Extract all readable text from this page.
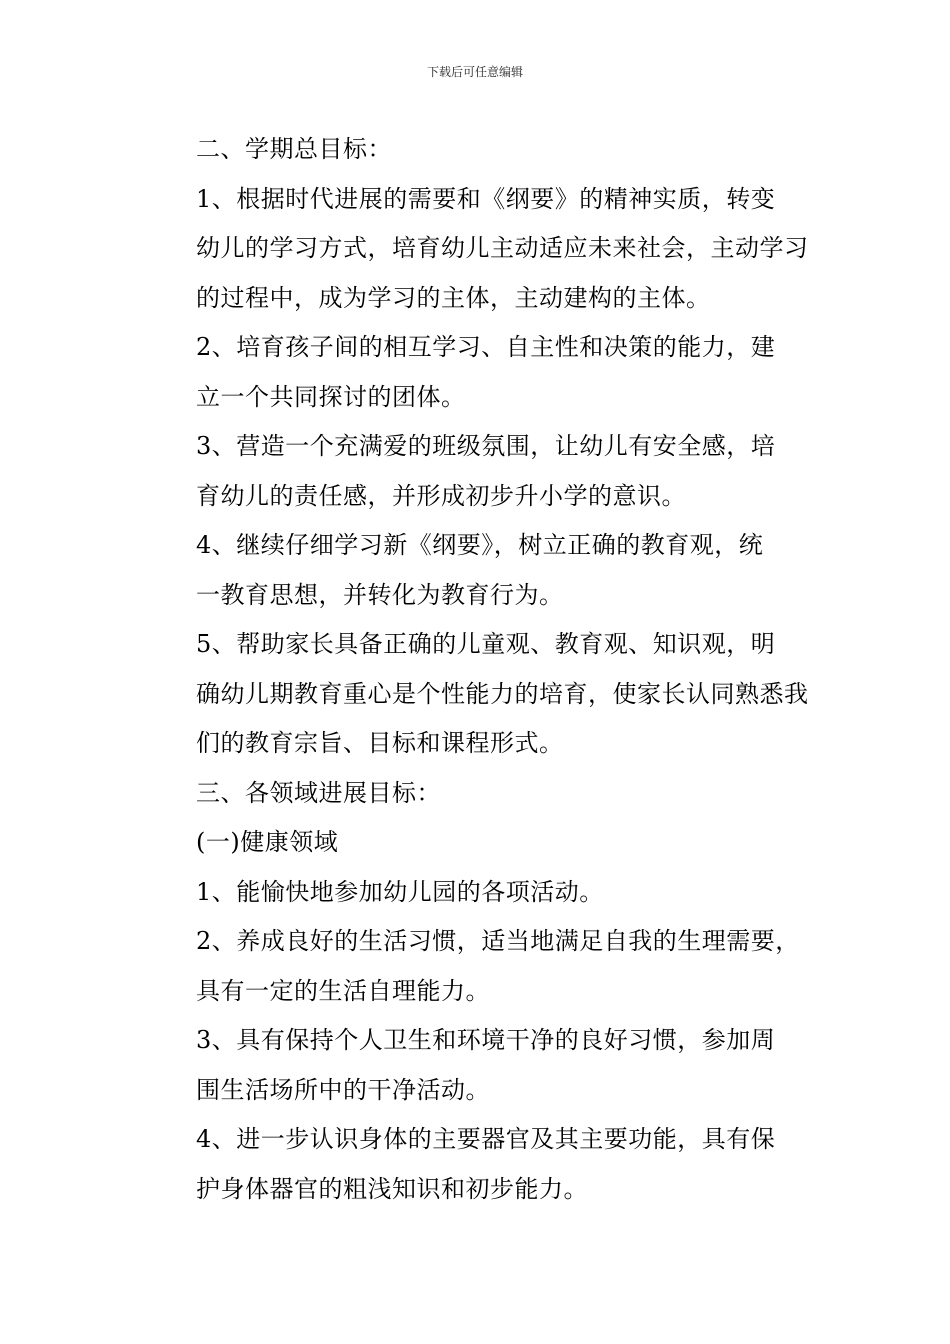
下载后可任意编辑

二、学期总目标：

1、根据时代进展的需要和《纲要》的精神实质，转变
幼儿的学习方式，培育幼儿主动适应未来社会，主动学习
的过程中，成为学习的主体，主动建构的主体。

2、培育孩子间的相互学习、自主性和决策的能力，建
立一个共同探讨的团体。

3、营造一个充满爱的班级氛围，让幼儿有安全感，培
育幼儿的责任感，并形成初步升小学的意识。

4、继续仔细学习新《纲要》，树立正确的教育观，统
一教育思想，并转化为教育行为。

5、帮助家长具备正确的儿童观、教育观、知识观，明
确幼儿期教育重心是个性能力的培育，使家长认同熟悉我
们的教育宗旨、目标和课程形式。

三、各领域进展目标：

(一)健康领域

1、能愉快地参加幼儿园的各项活动。

2、养成良好的生活习惯，适当地满足自我的生理需要，
具有一定的生活自理能力。

3、具有保持个人卫生和环境干净的良好习惯，参加周
围生活场所中的干净活动。

4、进一步认识身体的主要器官及其主要功能，具有保
护身体器官的粗浅知识和初步能力。
